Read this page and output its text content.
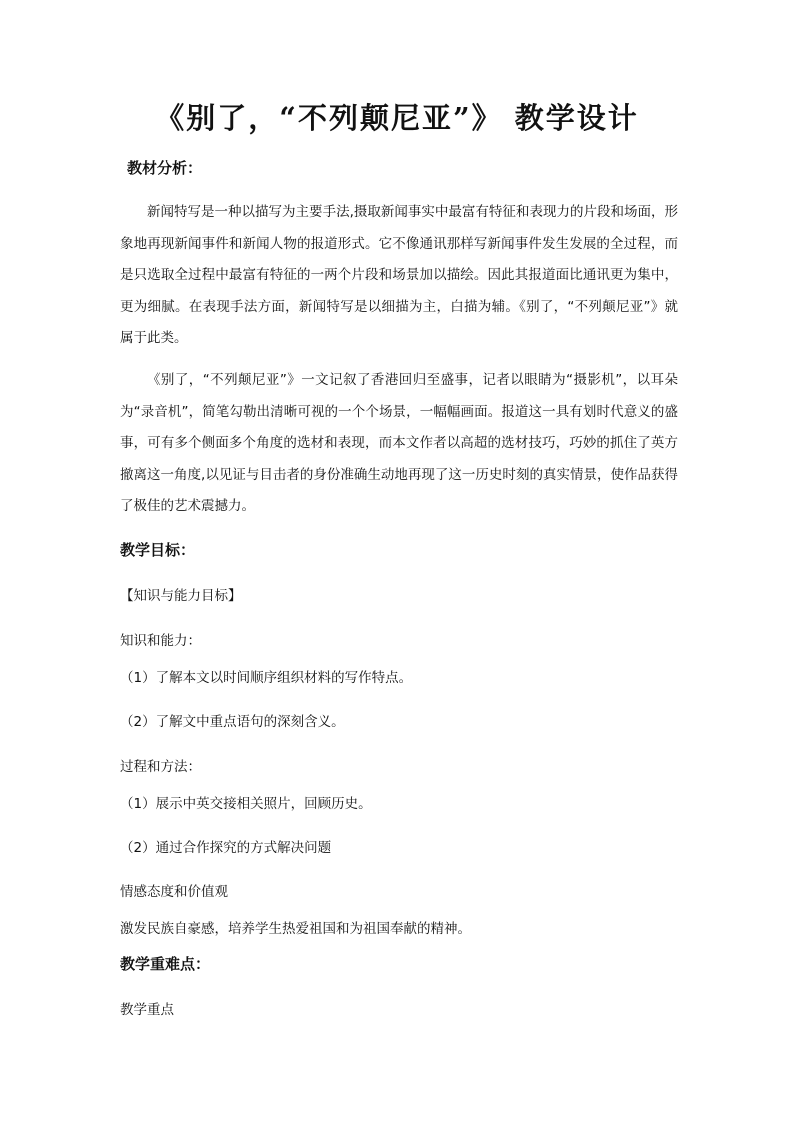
《别了，“不列颠尼亚”》 教学设计
教材分析：

新闻特写是一种以描写为主要手法,摄取新闻事实中最富有特征和表现力的片段和场面，形象地再现新闻事件和新闻人物的报道形式。它不像通讯那样写新闻事件发生发展的全过程，而是只选取全过程中最富有特征的一两个片段和场景加以描绘。因此其报道面比通讯更为集中，更为细腻。在表现手法方面，新闻特写是以细描为主，白描为辅。《别了，“不列颠尼亚”》就属于此类。

《别了，“不列颠尼亚”》一文记叙了香港回归至盛事，记者以眼睛为“摄影机”，以耳朵为“录音机”，简笔勾勒出清晰可视的一个个场景，一幅幅画面。报道这一具有划时代意义的盛事，可有多个侧面多个角度的选材和表现，而本文作者以高超的选材技巧，巧妙的抓住了英方撤离这一角度,以见证与目击者的身份准确生动地再现了这一历史时刻的真实情景，使作品获得了极佳的艺术震撼力。

教学目标：
【知识与能力目标】
知识和能力：
（1）了解本文以时间顺序组织材料的写作特点。
（2）了解文中重点语句的深刻含义。
过程和方法：
（1）展示中英交接相关照片，回顾历史。
（2）通过合作探究的方式解决问题
情感态度和价值观
激发民族自豪感，培养学生热爱祖国和为祖国奉献的精神。
教学重难点：
教学重点
